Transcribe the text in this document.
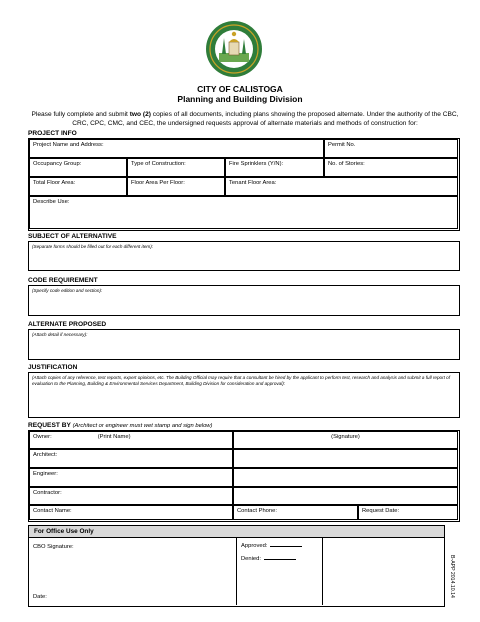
CITY OF CALISTOGA
Planning and Building Division
Please fully complete and submit two (2) copies of all documents, including plans showing the proposed alternate. Under the authority of the CBC, CRC, CPC, CMC, and CEC, the undersigned requests approval of alternate materials and methods of construction for:
PROJECT INFO
Project Name and Address:	Permit No.
Occupancy Group:	Type of Construction:	Fire Sprinklers (Y/N):	No. of Stories:
Total Floor Area:	Floor Area Per Floor:	Tenant Floor Area:
Describe Use:
SUBJECT OF ALTERNATIVE
(Separate forms should be filled out for each different item):
CODE REQUIREMENT
(Specify code edition and section):
ALTERNATE PROPOSED
(Attach detail if necessary):
JUSTIFICATION
(Attach copies of any reference, test reports, expert opinions, etc. The Building Official may require that a consultant be hired by the applicant to perform test, research and analysis and submit a full report of evaluation to the Planning, Building & Environmental Services Department, Building Division for consideration and approval):
REQUEST BY (Architect or engineer must wet stamp and sign below)
Owner:	(Print Name)	(Signature)
Architect:
Engineer:
Contractor:
Contact Name:	Contact Phone:	Request Date:
For Office Use Only
CBO Signature:
Date:
Approved:
Denied:	B-APP 2014.10.14
